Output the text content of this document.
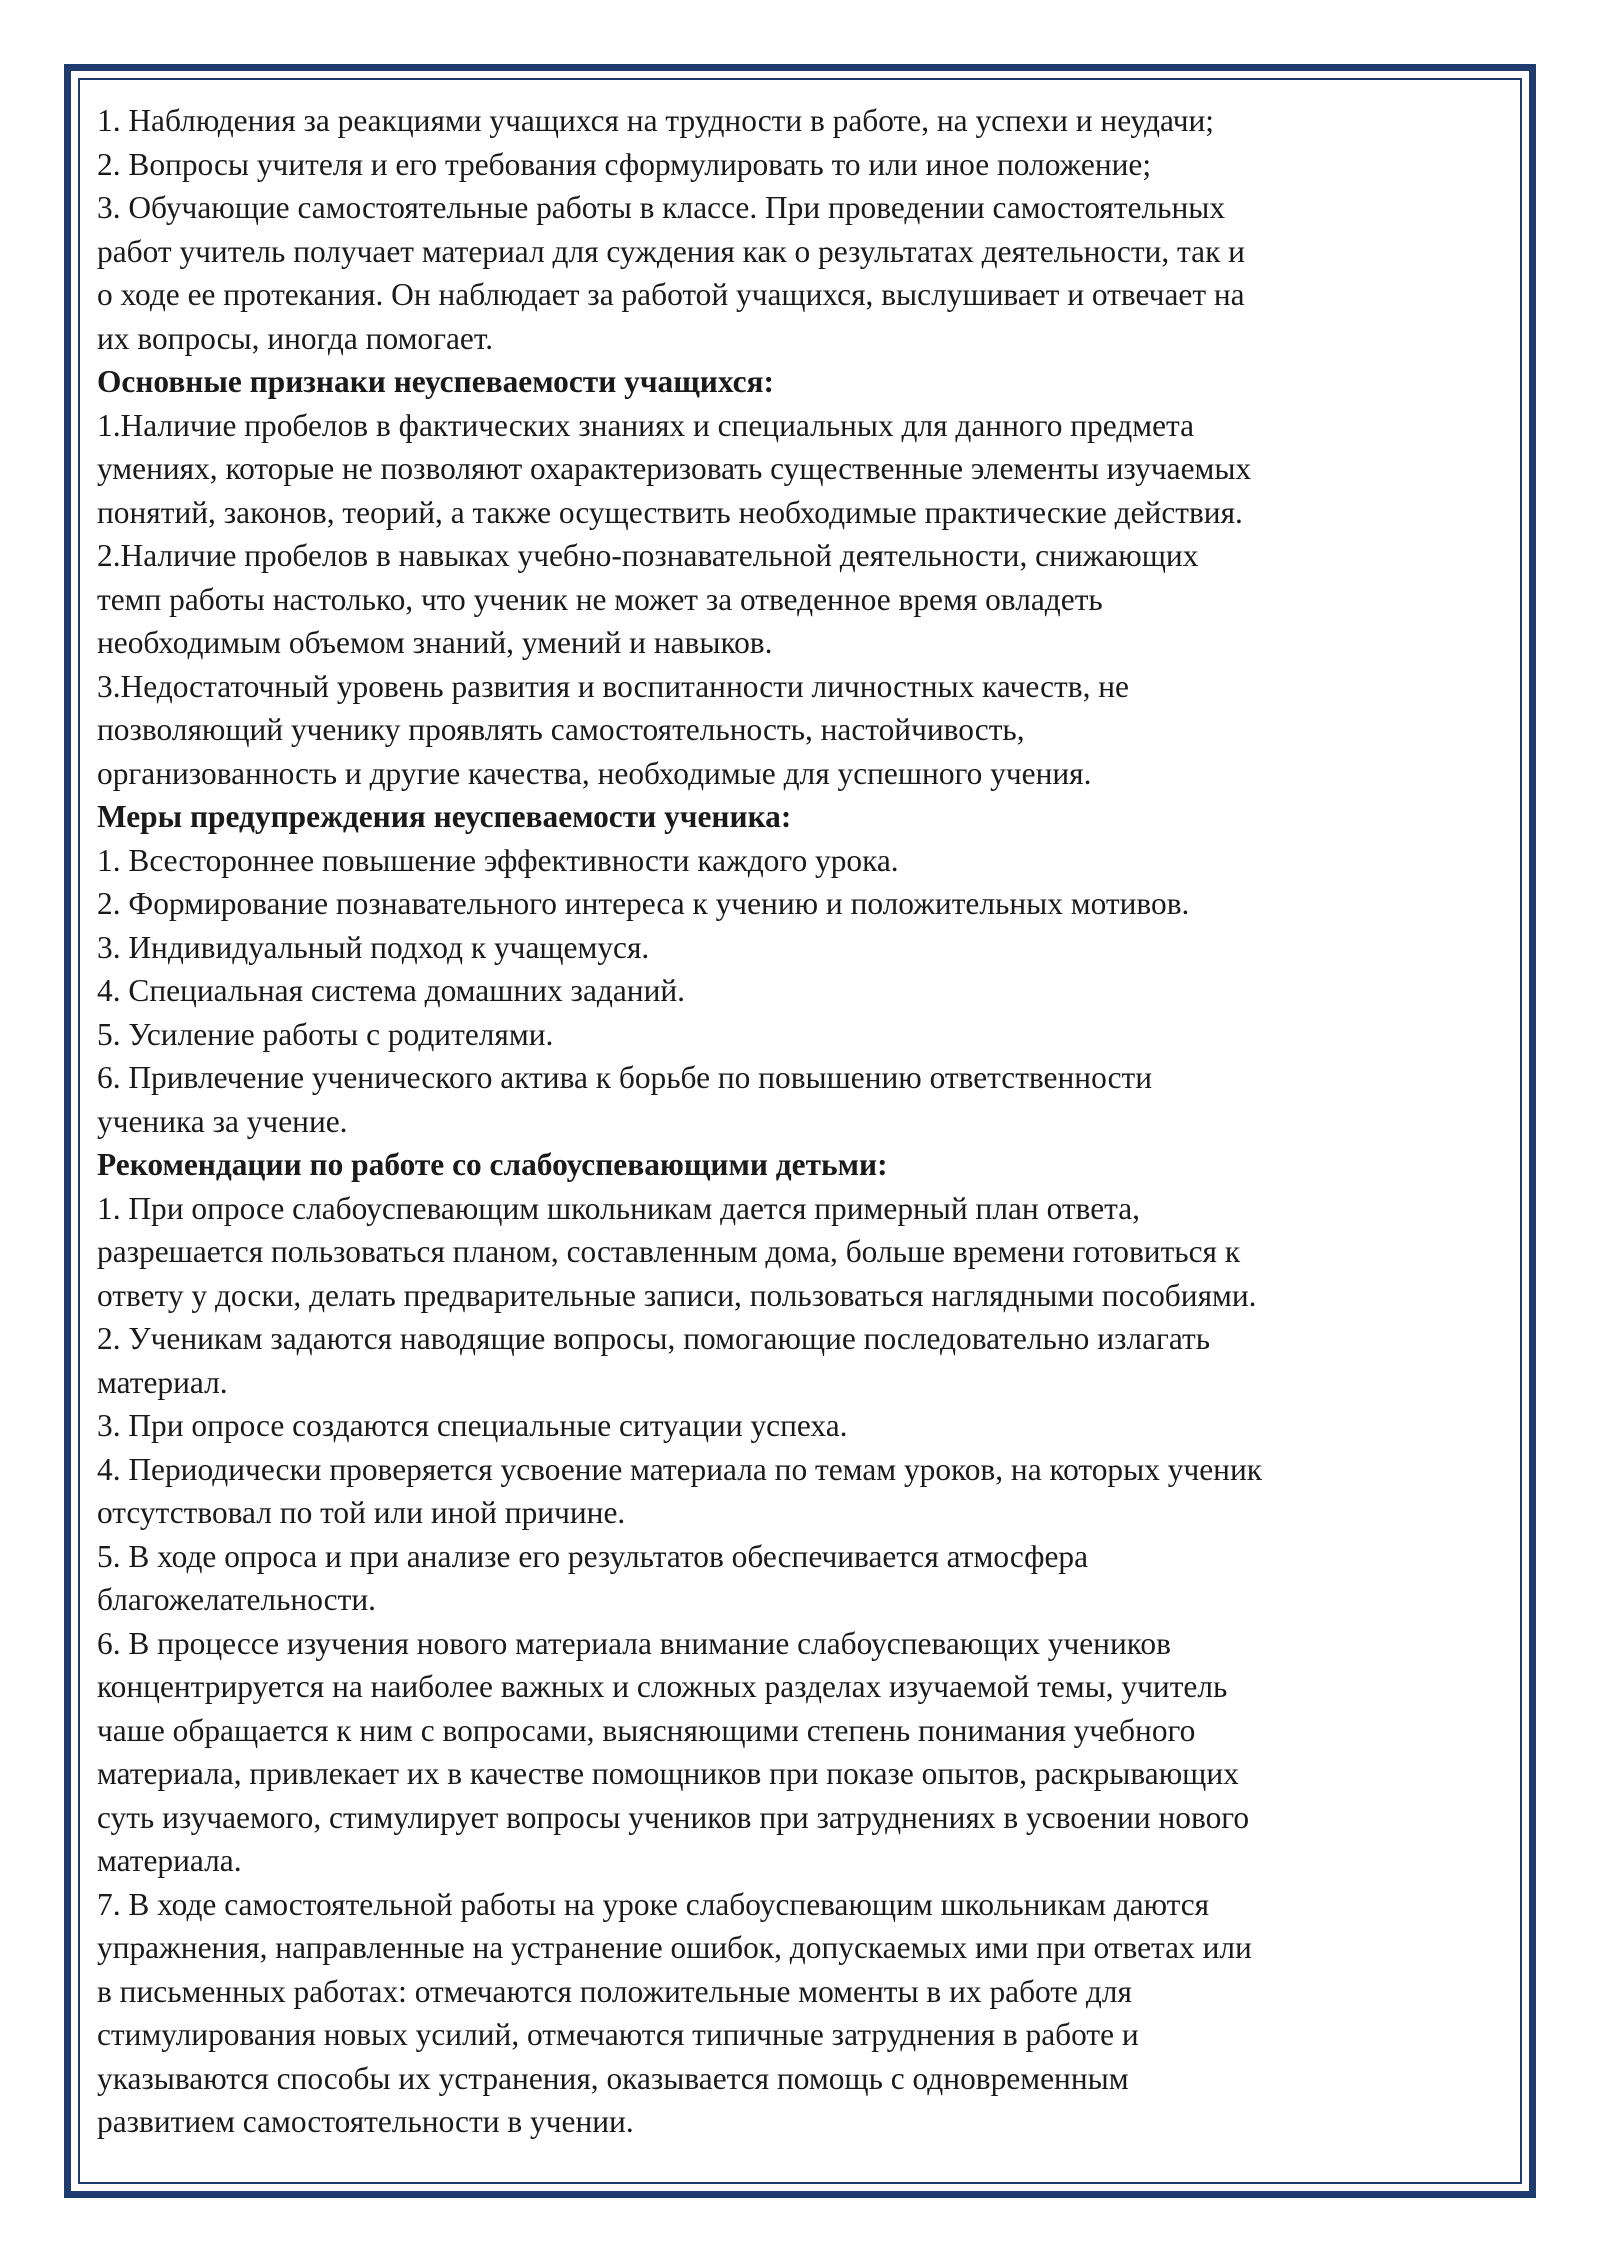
1. Наблюдения за реакциями учащихся на трудности в работе, на успехи и неудачи;

2. Вопросы учителя и его требования сформулировать то или иное положение;

3. Обучающие самостоятельные работы в классе. При проведении самостоятельных

работ учитель получает материал для суждения как о результатах деятельности, так и

о ходе ее протекания. Он наблюдает за работой учащихся, выслушивает и отвечает на

их вопросы, иногда помогает.

Основные признаки неуспеваемости учащихся:

1.Наличие пробелов в фактических знаниях и специальных для данного предмета

умениях, которые не позволяют охарактеризовать существенные элементы изучаемых

понятий, законов, теорий, а также осуществить необходимые практические действия.

2.Наличие пробелов в навыках учебно-познавательной деятельности, снижающих

темп работы настолько, что ученик не может за отведенное время овладеть

необходимым объемом знаний, умений и навыков.

3.Недостаточный уровень развития и воспитанности личностных качеств, не

позволяющий ученику проявлять самостоятельность, настойчивость,

организованность и другие качества, необходимые для успешного учения.

Меры предупреждения неуспеваемости ученика:

1. Всестороннее повышение эффективности каждого урока.

2. Формирование познавательного интереса к учению и положительных мотивов.

3. Индивидуальный подход к учащемуся.

4. Специальная система домашних заданий.

5. Усиление работы с родителями.

6. Привлечение ученического актива к борьбе по повышению ответственности

ученика за учение.

Рекомендации по работе со слабоуспевающими детьми:

1. При опросе слабоуспевающим школьникам дается примерный план ответа,

разрешается пользоваться планом, составленным дома, больше времени готовиться к

ответу у доски, делать предварительные записи, пользоваться наглядными пособиями.

2. Ученикам задаются наводящие вопросы, помогающие последовательно излагать

материал.

3. При опросе создаются специальные ситуации успеха.

4. Периодически проверяется усвоение материала по темам уроков, на которых ученик

отсутствовал по той или иной причине.

5. В ходе опроса и при анализе его результатов обеспечивается атмосфера

благожелательности.

6. В процессе изучения нового материала внимание слабоуспевающих учеников

концентрируется на наиболее важных и сложных разделах изучаемой темы, учитель

чаше обращается к ним с вопросами, выясняющими степень понимания учебного

материала, привлекает их в качестве помощников при показе опытов, раскрывающих

суть изучаемого, стимулирует вопросы учеников при затруднениях в усвоении нового

материала.

7. В ходе самостоятельной работы на уроке слабоуспевающим школьникам даются

упражнения, направленные на устранение ошибок, допускаемых ими при ответах или

в письменных работах: отмечаются положительные моменты в их работе для

стимулирования новых усилий, отмечаются типичные затруднения в работе и

указываются способы их устранения, оказывается помощь с одновременным

развитием самостоятельности в учении.
